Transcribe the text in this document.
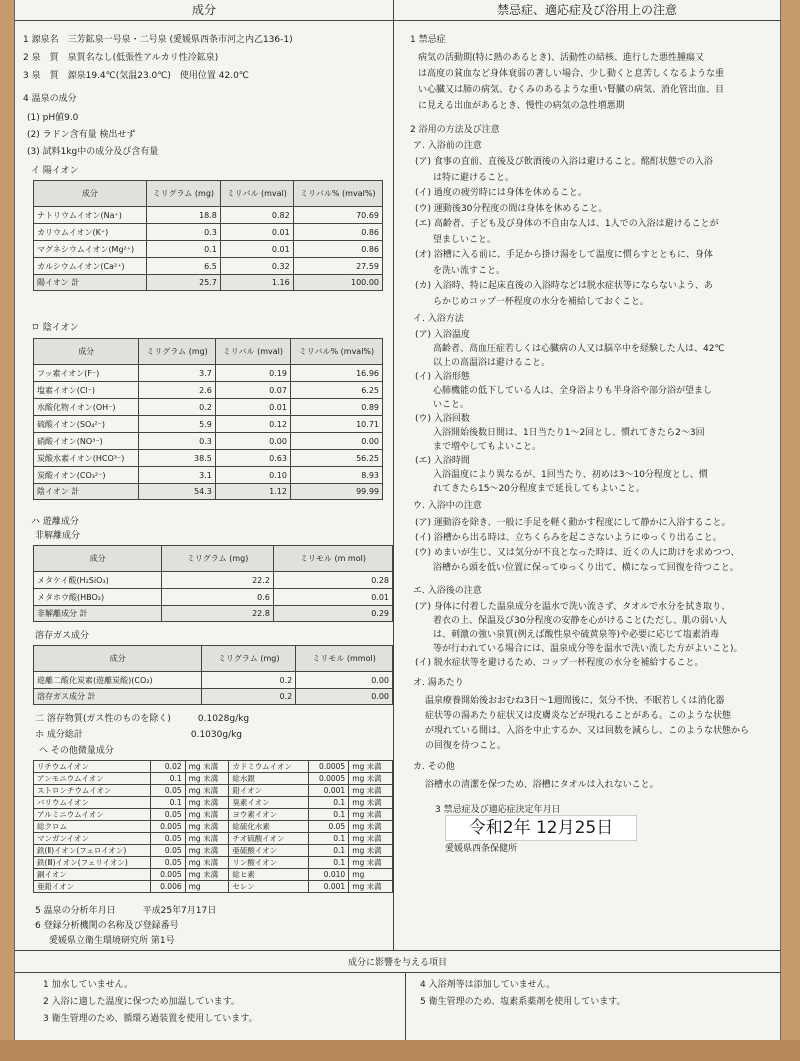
成分	禁忌症、適応症及び浴用上の注意
1 源泉名　三芳鉱泉一号泉・二号泉 (愛媛県西条市河之内乙136-1)
2 泉　質　泉質名なし(低張性アルカリ性冷鉱泉)
3 泉　質　源泉19.4℃(気温23.0℃)　使用位置 42.0℃
4 温泉の成分
(1) pH値9.0
(2) ラドン含有量 検出せず
(3) 試料1kg中の成分及び含有量
イ 陽イオン
成分	ミリグラム (mg)	ミリバル (mval)	ミリバル% (mval%)
ナトリウムイオン(Na⁺)	18.8	0.82	70.69
カリウムイオン(K⁺)	0.3	0.01	0.86
マグネシウムイオン(Mg²⁺)	0.1	0.01	0.86
カルシウムイオン(Ca²⁺)	6.5	0.32	27.59
陽イオン 計	25.7	1.16	100.00
ロ 陰イオン
成分	ミリグラム (mg)	ミリバル (mval)	ミリバル% (mval%)
フッ素イオン(F⁻)	3.7	0.19	16.96
塩素イオン(Cl⁻)	2.6	0.07	6.25
水酸化物イオン(OH⁻)	0.2	0.01	0.89
硫酸イオン(SO₄²⁻)	5.9	0.12	10.71
硝酸イオン(NO³⁻)	0.3	0.00	0.00
炭酸水素イオン(HCO³⁻)	38.5	0.63	56.25
炭酸イオン(CO₃²⁻)	3.1	0.10	8.93
陰イオン 計	54.3	1.12	99.99
ハ 遊離成分
非解離成分
成分	ミリグラム (mg)	ミリモル (m mol)
メタケイ酸(H₂SiO₃)	22.2	0.28
メタホウ酸(HBO₂)	0.6	0.01
非解離成分 計	22.8	0.29
溶存ガス成分
成分	ミリグラム (mg)	ミリモル (mmol)
遊離二酸化炭素(遊離炭酸)(CO₂)	0.2	0.00
溶存ガス成分 計	0.2	0.00
二 溶存物質(ガス性のものを除く)　　　0.1028g/kg
ホ 成分総計　　　　　　　　　　　　0.1030g/kg
ヘ その他微量成分
リチウムイオン	0.02	mg 未満	カドミウムイオン	0.0005	mg 未満
アンモニウムイオン	0.1	mg 未満	総水銀	0.0005	mg 未満
ストロンチウムイオン	0.05	mg 未満	鉛イオン	0.001	mg 未満
バリウムイオン	0.1	mg 未満	臭素イオン	0.1	mg 未満
アルミニウムイオン	0.05	mg 未満	ヨウ素イオン	0.1	mg 未満
総クロム	0.005	mg 未満	総硫化水素	0.05	mg 未満
マンガンイオン	0.05	mg 未満	チオ硫酸イオン	0.1	mg 未満
鉄(Ⅱ)イオン(フェロイオン)	0.05	mg 未満	亜硫酸イオン	0.1	mg 未満
鉄(Ⅲ)イオン(フェリイオン)	0.05	mg 未満	リン酸イオン	0.1	mg 未満
銅イオン	0.005	mg 未満	総ヒ素	0.010	mg
亜鉛イオン	0.006	mg	セレン	0.001	mg 未満
5 温泉の分析年月日　　　平成25年7月17日
6 登録分析機関の名称及び登録番号
愛媛県立衛生環境研究所 第1号
1 禁忌症
病気の活動期(特に熱のあるとき)、活動性の結核、進行した悪性腫瘍又
は高度の貧血など身体衰弱の著しい場合、少し動くと息苦しくなるような重
い心臓又は肺の病気、むくみのあるような重い腎臓の病気、消化管出血、目
に見える出血があるとき、慢性の病気の急性増悪期
2 浴用の方法及び注意
ア. 入浴前の注意
(ア) 食事の直前、直後及び飲酒後の入浴は避けること。酩酊状態での入浴
　　は特に避けること。
(イ) 過度の疲労時には身体を休めること。
(ウ) 運動後30分程度の間は身体を休めること。
(エ) 高齢者、子ども及び身体の不自由な人は、1人での入浴は避けることが
　　望ましいこと。
(オ) 浴槽に入る前に、手足から掛け湯をして温度に慣らすとともに、身体
　　を洗い流すこと。
(カ) 入浴時、特に起床直後の入浴時などは脱水症状等にならないよう、あ
　　らかじめコップ一杯程度の水分を補給しておくこと。
イ. 入浴方法
(ア) 入浴温度
　　高齢者、高血圧症若しくは心臓病の人又は脳卒中を経験した人は、42℃
　　以上の高温浴は避けること。
(イ) 入浴形態
　　心肺機能の低下している人は、全身浴よりも半身浴や部分浴が望まし
　　いこと。
(ウ) 入浴回数
　　入浴開始後数日間は、1日当たり1～2回とし、慣れてきたら2～3回
　　まで増やしてもよいこと。
(エ) 入浴時間
　　入浴温度により異なるが、1回当たり、初めは3～10分程度とし、慣
　　れてきたら15～20分程度まで延長してもよいこと。
ウ. 入浴中の注意
(ア) 運動浴を除き、一般に手足を軽く動かす程度にして静かに入浴すること。
(イ) 浴槽から出る時は、立ちくらみを起こさないようにゆっくり出ること。
(ウ) めまいが生じ、又は気分が不良となった時は、近くの人に助けを求めつつ、
　　浴槽から頭を低い位置に保ってゆっくり出て、横になって回復を待つこと。
エ. 入浴後の注意
(ア) 身体に付着した温泉成分を温水で洗い流さず、タオルで水分を拭き取り、
　　着衣の上、保温及び30分程度の安静を心がけること(ただし、肌の弱い人
　　は、刺激の強い泉質(例えば酸性泉や硫黄泉等)や必要に応じて塩素消毒
　　等が行われている場合には、温泉成分等を温水で洗い流した方がよいこと)。
(イ) 脱水症状等を避けるため、コップ一杯程度の水分を補給すること。
オ. 湯あたり
温泉療養開始後おおむね3日～1週間後に、気分不快、不眠若しくは消化器
症状等の湯あたり症状又は皮膚炎などが現れることがある。このような状態
が現れている間は、入浴を中止するか、又は回数を減らし、このような状態から
の回復を待つこと。
カ. その他
浴槽水の清潔を保つため、浴槽にタオルは入れないこと。
3 禁忌症及び適応症決定年月日
令和2年 12月25日
愛媛県西条保健所
成分に影響を与える項目
1 加水していません。
2 入浴に適した温度に保つため加温しています。
3 衛生管理のため、循環ろ過装置を使用しています。
4 入浴剤等は添加していません。
5 衛生管理のため、塩素系薬剤を使用しています。
